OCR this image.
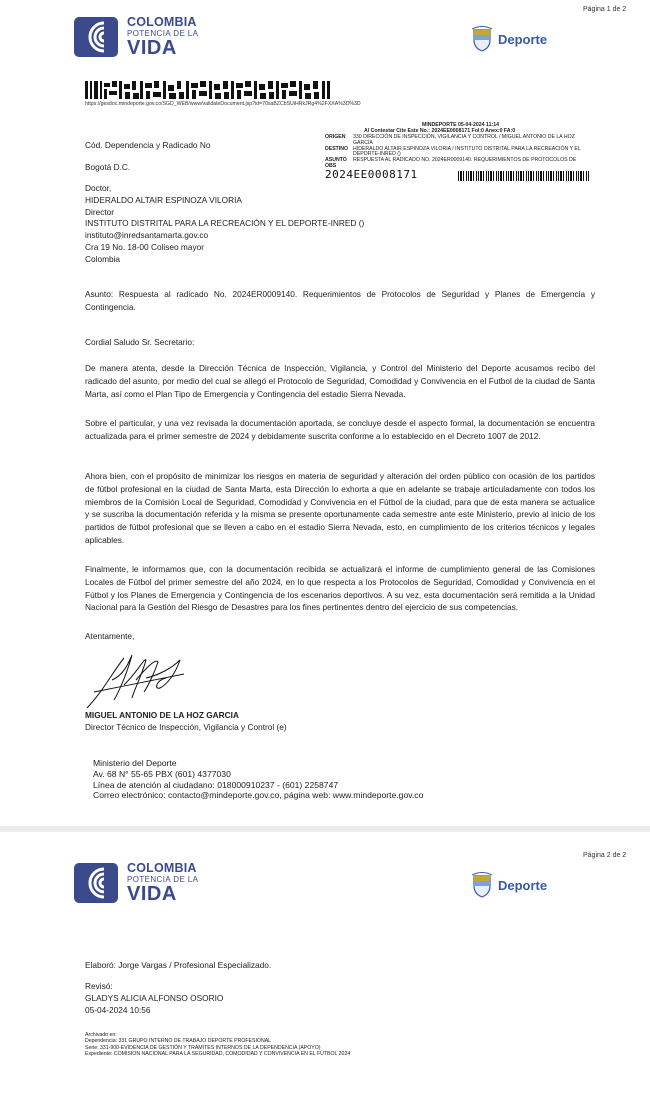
Página 1 de 2
COLOMBIA
POTENCIA DE LA
VIDA	Deporte
https://gesdoc.mindeporte.gov.co/SGD_WEB/www/validateDocument.jsp?id=70saBZCbSUiHRkJRg4%2FXXA%3D%3D
MINDEPORTE 05-04-2024 11:14
Al Contestar Cite Este No.: 2024EE0008171 Fol:0 Anex:0 FA:0
ORIGEN	330 DIRECCIÓN DE INSPECCIÓN, VIGILANCIA Y CONTROL / MIGUEL ANTONIO DE LA HOZ GARCIA
DESTINO HIDERALDO ALTAIR ESPINOZA VILORIA / INSTITUTO DISTRITAL PARA LA RECREACIÓN Y EL DEPORTE-INRED ()
ASUNTO	RESPUESTA AL RADICADO NO. 2024ER0009140. REQUERIMIENTOS DE PROTOCOLOS DE
OBS
2024EE0008171
Cód. Dependencia y Radicado No
Bogotá D.C.
Doctor,
HIDERALDO ALTAIR ESPINOZA VILORIA
Director
INSTITUTO DISTRITAL PARA LA RECREACIÓN Y EL DEPORTE-INRED ()
instituto@inredsantamarta.gov.co
Cra 19 No. 18-00 Coliseo mayor
Colombia
Asunto: Respuesta al radicado No. 2024ER0009140. Requerimientos de Protocolos de Seguridad y Planes de Emergencia y Contingencia.
Cordial Saludo Sr. Secretario:
De manera atenta, desde la Dirección Técnica de Inspección, Vigilancia, y Control del Ministerio del Deporte acusamos recibo del radicado del asunto, por medio del cual se allegó el Protocolo de Seguridad, Comodidad y Convivencia en el Futbol de la ciudad de Santa Marta, así como el Plan Tipo de Emergencia y Contingencia del estadio Sierra Nevada.
Sobre el particular, y una vez revisada la documentación aportada, se concluye desde el aspecto formal, la documentación se encuentra actualizada para el primer semestre de 2024 y debidamente suscrita conforme a lo establecido en el Decreto 1007 de 2012.
Ahora bien, con el propósito de minimizar los riesgos en materia de seguridad y alteración del orden público con ocasión de los partidos de fútbol profesional en la ciudad de Santa Marta, esta Dirección lo exhorta a que en adelante se trabaje articuladamente con todos los miembros de la Comisión Local de Seguridad, Comodidad y Convivencia en el Fútbol de la ciudad, para que de esta manera se actualice y se suscriba la documentación referida y la misma se presente oportunamente cada semestre ante este Ministerio, previo al inicio de los partidos de fútbol profesional que se lleven a cabo en el estadio Sierra Nevada, esto, en cumplimiento de los criterios técnicos y legales aplicables.
Finalmente, le informamos que, con la documentación recibida se actualizará el informe de cumplimiento general de las Comisiones Locales de Fútbol del primer semestre del año 2024, en lo que respecta a los Protocolos de Seguridad, Comodidad y Convivencia en el Fútbol y los Planes de Emergencia y Contingencia de los escenarios deportivos. A su vez, esta documentación será remitida a la Unidad Nacional para la Gestión del Riesgo de Desastres para los fines pertinentes dentro del ejercicio de sus competencias.
Atentamente,
MIGUEL ANTONIO DE LA HOZ GARCIA
Director Técnico de Inspección, Vigilancia y Control (e)
Ministerio del Deporte
Av. 68 N° 55-65 PBX (601) 4377030
Línea de atención al ciudadano: 018000910237 - (601) 2258747
Correo electrónico: contacto@mindeporte.gov.co, página web: www.mindeporte.gov.co
Página 2 de 2
COLOMBIA
POTENCIA DE LA
VIDA	Deporte
Elaboró: Jorge Vargas / Profesional Especializado.
Revisó:
GLADYS ALICIA ALFONSO OSORIO
05-04-2024 10:56
Archivado en:
Dependencia: 331 GRUPO INTERNO DE TRABAJO DEPORTE PROFESIONAL
Serie: 331-900-EVIDENCIA DE GESTIÓN Y TRÁMITES INTERNOS DE LA DEPENDENCIA (APOYO)
Expediente: COMISION NACIONAL PARA LA SEGURIDAD, COMODIDAD Y CONVIVENCIA EN EL FÚTBOL 2024
